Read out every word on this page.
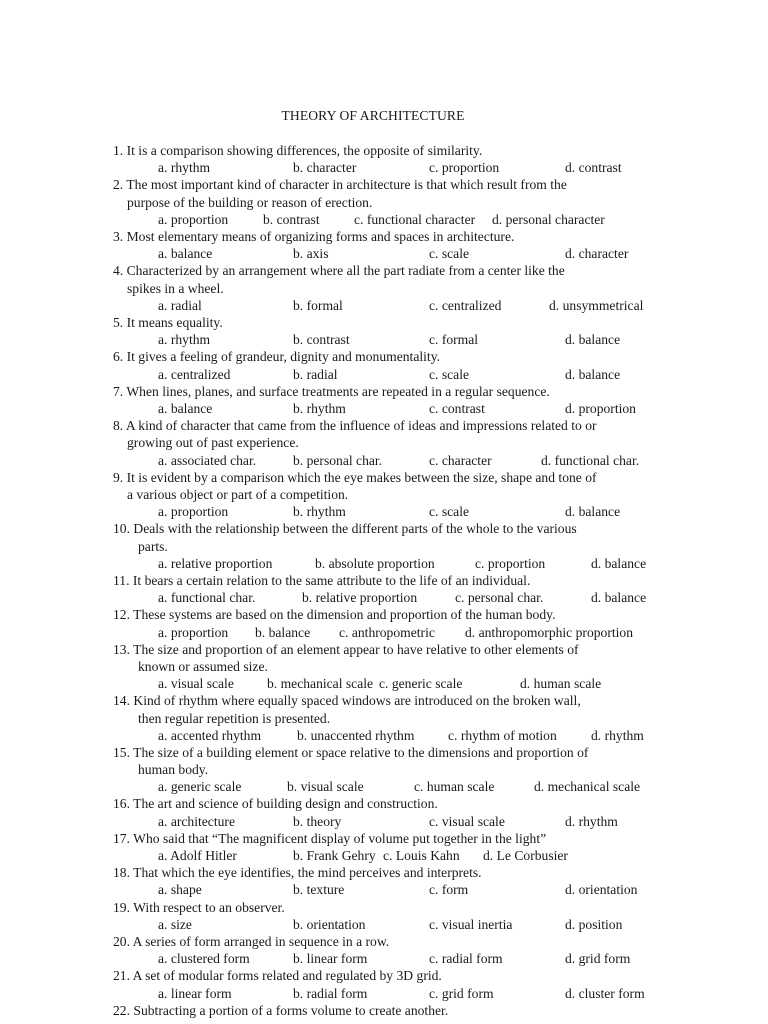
THEORY OF ARCHITECTURE
1. It is a comparison showing differences, the opposite of similarity.
a. rhythm	b. character	c. proportion	d. contrast
2. The most important kind of character in architecture is that which result from the
purpose of the building or reason of erection.
a. proportion	b. contrast	c. functional character d. personal character
3. Most elementary means of organizing forms and spaces in architecture.
a. balance	b. axis	c. scale	d. character
4. Characterized by an arrangement where all the part radiate from a center like the
spikes in a wheel.
a. radial	b. formal	c. centralized	d. unsymmetrical
5. It means equality.
a. rhythm	b. contrast	c. formal	d. balance
6. It gives a feeling of grandeur, dignity and monumentality.
a. centralized	b. radial	c. scale	d. balance
7. When lines, planes, and surface treatments are repeated in a regular sequence.
a. balance	b. rhythm	c. contrast	d. proportion
8. A kind of character that came from the influence of ideas and impressions related to or
growing out of past experience.
a. associated char.	b. personal char.	c. character	d. functional char.
9. It is evident by a comparison which the eye makes between the size, shape and tone of
a various object or part of a competition.
a. proportion	b. rhythm	c. scale	d. balance
10. Deals with the relationship between the different parts of the whole to the various
parts.
a. relative proportion	b. absolute proportion	c. proportion	d. balance
11. It bears a certain relation to the same attribute to the life of an individual.
a. functional char.	b. relative proportion	c. personal char.	d. balance
12. These systems are based on the dimension and proportion of the human body.
a. proportion b. balance c. anthropometric d. anthropomorphic proportion
13. The size and proportion of an element appear to have relative to other elements of
known or assumed size.
a. visual scale b. mechanical scale c. generic scale	d. human scale
14. Kind of rhythm where equally spaced windows are introduced on the broken wall,
then regular repetition is presented.
a. accented rhythm	b. unaccented rhythm c. rhythm of motion	d. rhythm
15. The size of a building element or space relative to the dimensions and proportion of
human body.
a. generic scale	b. visual scale	c. human scale	d. mechanical scale
16. The art and science of building design and construction.
a. architecture	b. theory	c. visual scale	d. rhythm
17. Who said that “The magnificent display of volume put together in the light”
a. Adolf Hitler	b. Frank Gehry c. Louis Kahn d. Le Corbusier
18. That which the eye identifies, the mind perceives and interprets.
a. shape	b. texture	c. form	d. orientation
19. With respect to an observer.
a. size	b. orientation	c. visual inertia	d. position
20. A series of form arranged in sequence in a row.
a. clustered form	b. linear form	c. radial form	d. grid form
21. A set of modular forms related and regulated by 3D grid.
a. linear form	b. radial form	c. grid form	d. cluster form
22. Subtracting a portion of a forms volume to create another.
